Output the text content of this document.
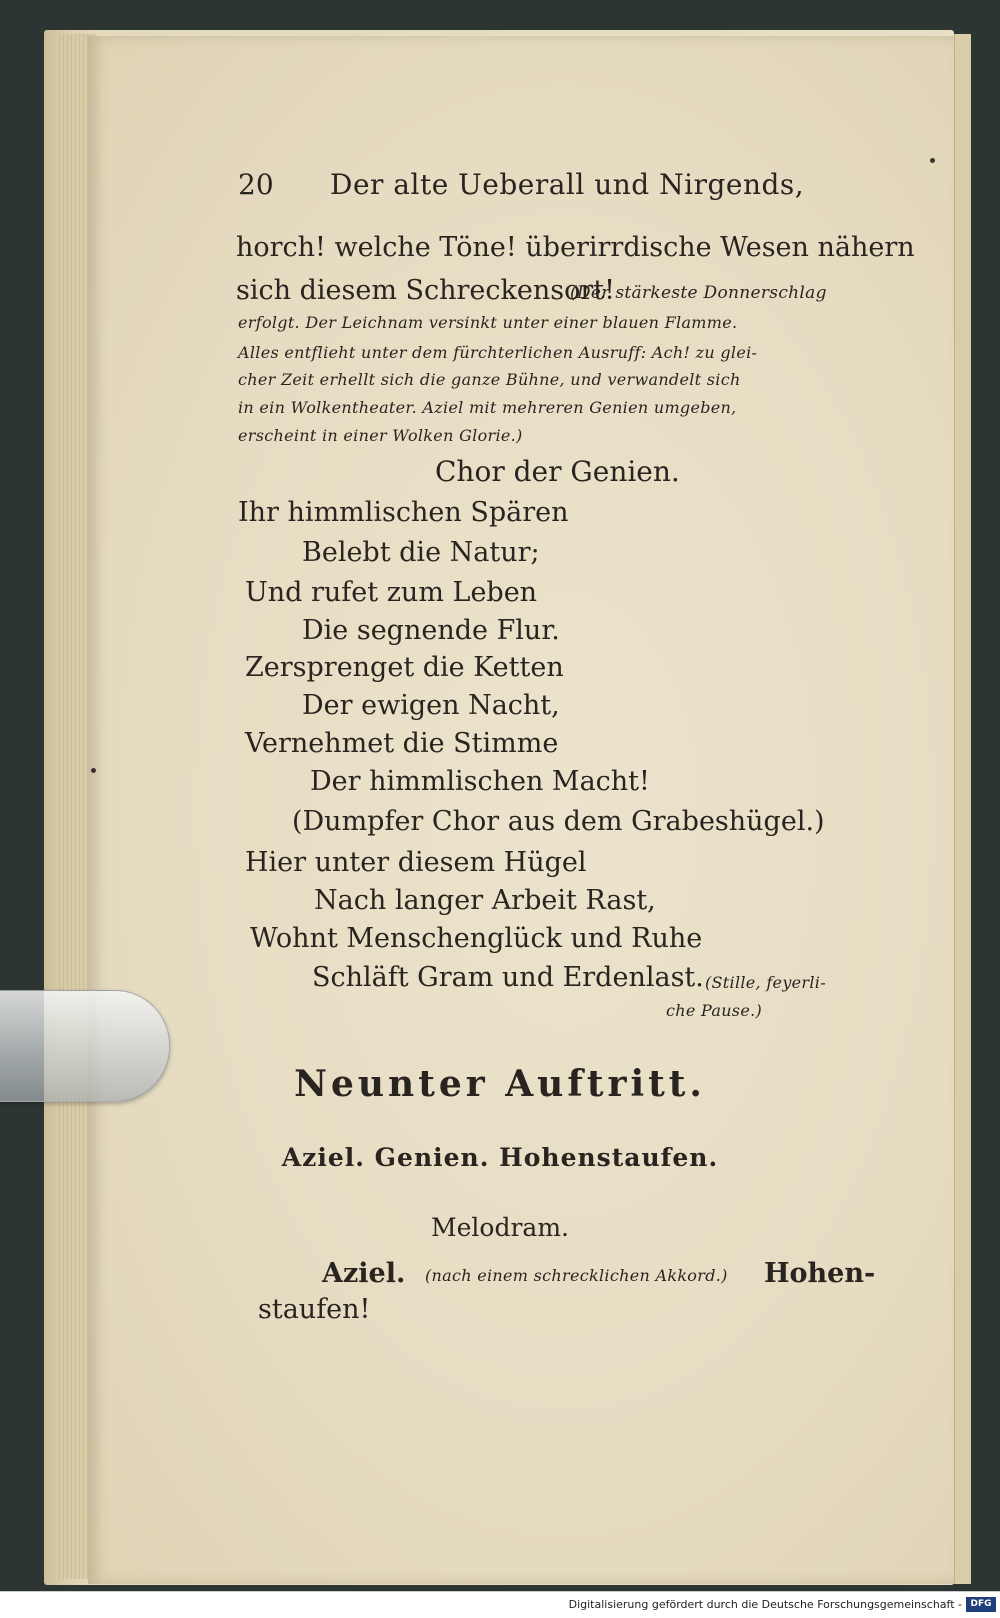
20 Der alte Ueberall und Nirgends,
horch! welche Töne! überirrdische Wesen nähern
sich diesem Schreckensort!
(Der stärkeste Donnerschlag
erfolgt. Der Leichnam versinkt unter einer blauen Flamme.
Alles entflieht unter dem fürchterlichen Ausruff: Ach! zu glei-
cher Zeit erhellt sich die ganze Bühne, und verwandelt sich
in ein Wolkentheater. Aziel mit mehreren Genien umgeben,
erscheint in einer Wolken Glorie.)
Chor der Genien.
Ihr himmlischen Spären
Belebt die Natur;
Und rufet zum Leben
Die segnende Flur.
Zersprenget die Ketten
Der ewigen Nacht,
Vernehmet die Stimme
Der himmlischen Macht!
(Dumpfer Chor aus dem Grabeshügel.)
Hier unter diesem Hügel
Nach langer Arbeit Rast,
Wohnt Menschenglück und Ruhe
Schläft Gram und Erdenlast. (Stille, feyerli-
che Pause.)
Neunter Auftritt.
Aziel. Genien. Hohenstaufen.
Melodram.
Aziel. (nach einem schrecklichen Akkord.) Hohen-
staufen!
Digitalisierung gefördert durch die Deutsche Forschungsgemeinschaft - DFG
